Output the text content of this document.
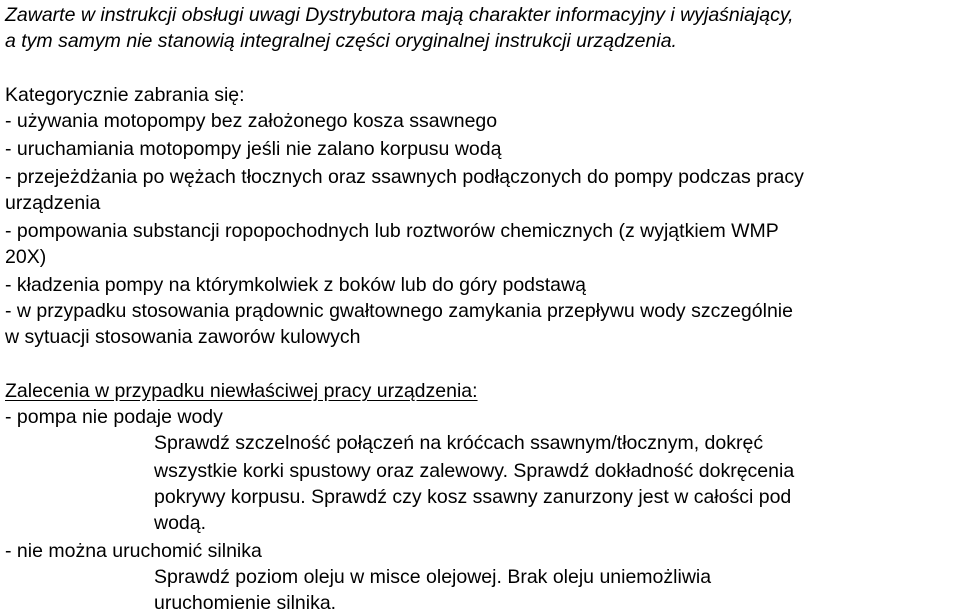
Zawarte w instrukcji obsługi uwagi Dystrybutora mają charakter informacyjny i wyjaśniający,
a tym samym nie stanowią integralnej części oryginalnej instrukcji urządzenia.
Kategorycznie zabrania się:
- używania motopompy bez założonego kosza ssawnego
- uruchamiania motopompy jeśli nie zalano korpusu wodą
- przejeżdżania po wężach tłocznych oraz ssawnych podłączonych do pompy podczas pracy
urządzenia
- pompowania substancji ropopochodnych lub roztworów chemicznych (z wyjątkiem WMP
20X)
- kładzenia pompy na którymkolwiek z boków lub do góry podstawą
- w przypadku stosowania prądownic gwałtownego zamykania przepływu wody szczególnie
w sytuacji stosowania zaworów kulowych
Zalecenia w przypadku niewłaściwej pracy urządzenia:
- pompa nie podaje wody
Sprawdź szczelność połączeń na króćcach ssawnym/tłocznym, dokręć
wszystkie korki spustowy oraz zalewowy. Sprawdź dokładność dokręcenia
pokrywy korpusu. Sprawdź czy kosz ssawny zanurzony jest w całości pod
wodą.
- nie można uruchomić silnika
Sprawdź poziom oleju w misce olejowej. Brak oleju uniemożliwia
uruchomienie silnika.
